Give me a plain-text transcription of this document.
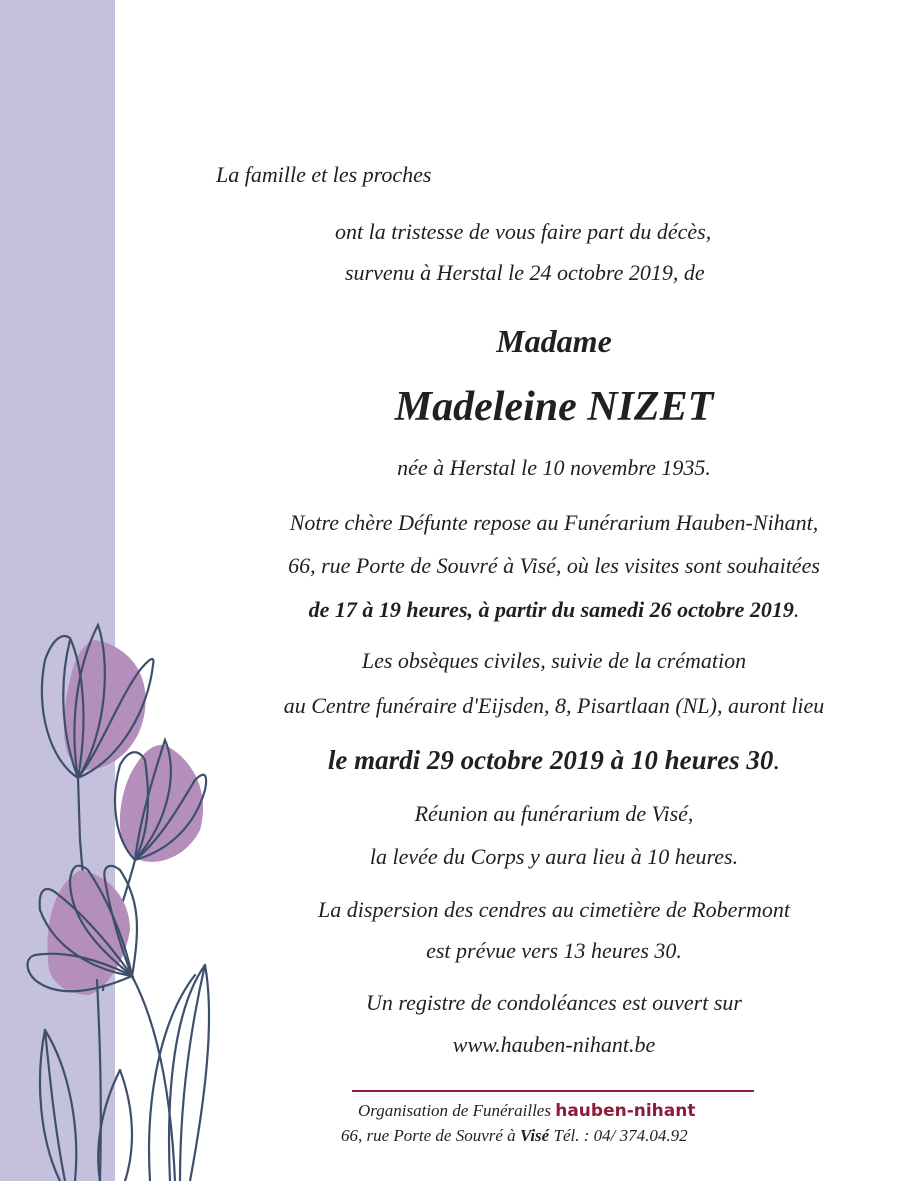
La famille et les proches
ont la tristesse de vous faire part du décès,
survenu à Herstal le 24 octobre 2019, de
Madame
Madeleine NIZET
née à Herstal le 10 novembre 1935.
Notre chère Défunte repose au Funérarium Hauben-Nihant,
66, rue Porte de Souvré à Visé, où les visites sont souhaitées
de 17 à 19 heures, à partir du samedi 26 octobre 2019.
Les obsèques civiles, suivie de la crémation
au Centre funéraire d'Eijsden, 8, Pisartlaan (NL), auront lieu
le mardi 29 octobre 2019 à 10 heures 30.
Réunion au funérarium de Visé,
la levée du Corps y aura lieu à 10 heures.
La dispersion des cendres au cimetière de Robermont
est prévue vers 13 heures 30.
Un registre de condoléances est ouvert sur
www.hauben-nihant.be
Organisation de Funérailles hauben-nihant
66, rue Porte de Souvré à Visé Tél. : 04/ 374.04.92
